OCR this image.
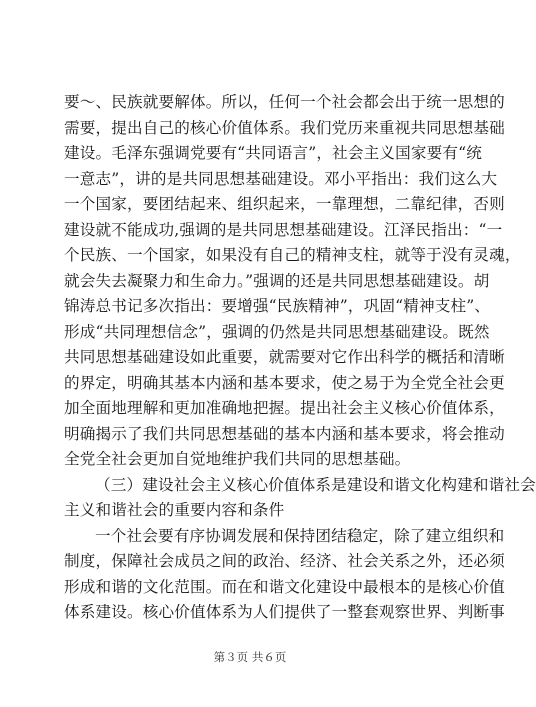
要～、民族就要解体。所以，任何一个社会都会出于统一思想的
需要，提出自己的核心价值体系。我们党历来重视共同思想基础
建设。毛泽东强调党要有“共同语言”，社会主义国家要有“统
一意志”，讲的是共同思想基础建设。邓小平指出：我们这么大
一个国家，要团结起来、组织起来，一靠理想，二靠纪律，否则
建设就不能成功,强调的是共同思想基础建设。江泽民指出：“一
个民族、一个国家，如果没有自己的精神支柱，就等于没有灵魂，
就会失去凝聚力和生命力。”强调的还是共同思想基础建设。胡
锦涛总书记多次指出：要增强“民族精神”，巩固“精神支柱”、
形成“共同理想信念”，强调的仍然是共同思想基础建设。既然
共同思想基础建设如此重要，就需要对它作出科学的概括和清晰
的界定，明确其基本内涵和基本要求，使之易于为全党全社会更
加全面地理解和更加准确地把握。提出社会主义核心价值体系，
明确揭示了我们共同思想基础的基本内涵和基本要求，将会推动
全党全社会更加自觉地维护我们共同的思想基础。
（三）建设社会主义核心价值体系是建设和谐文化构建和谐社会
主义和谐社会的重要内容和条件
一个社会要有序协调发展和保持团结稳定，除了建立组织和
制度，保障社会成员之间的政治、经济、社会关系之外，还必须
形成和谐的文化范围。而在和谐文化建设中最根本的是核心价值
体系建设。核心价值体系为人们提供了一整套观察世界、判断事
第３页 共６页
